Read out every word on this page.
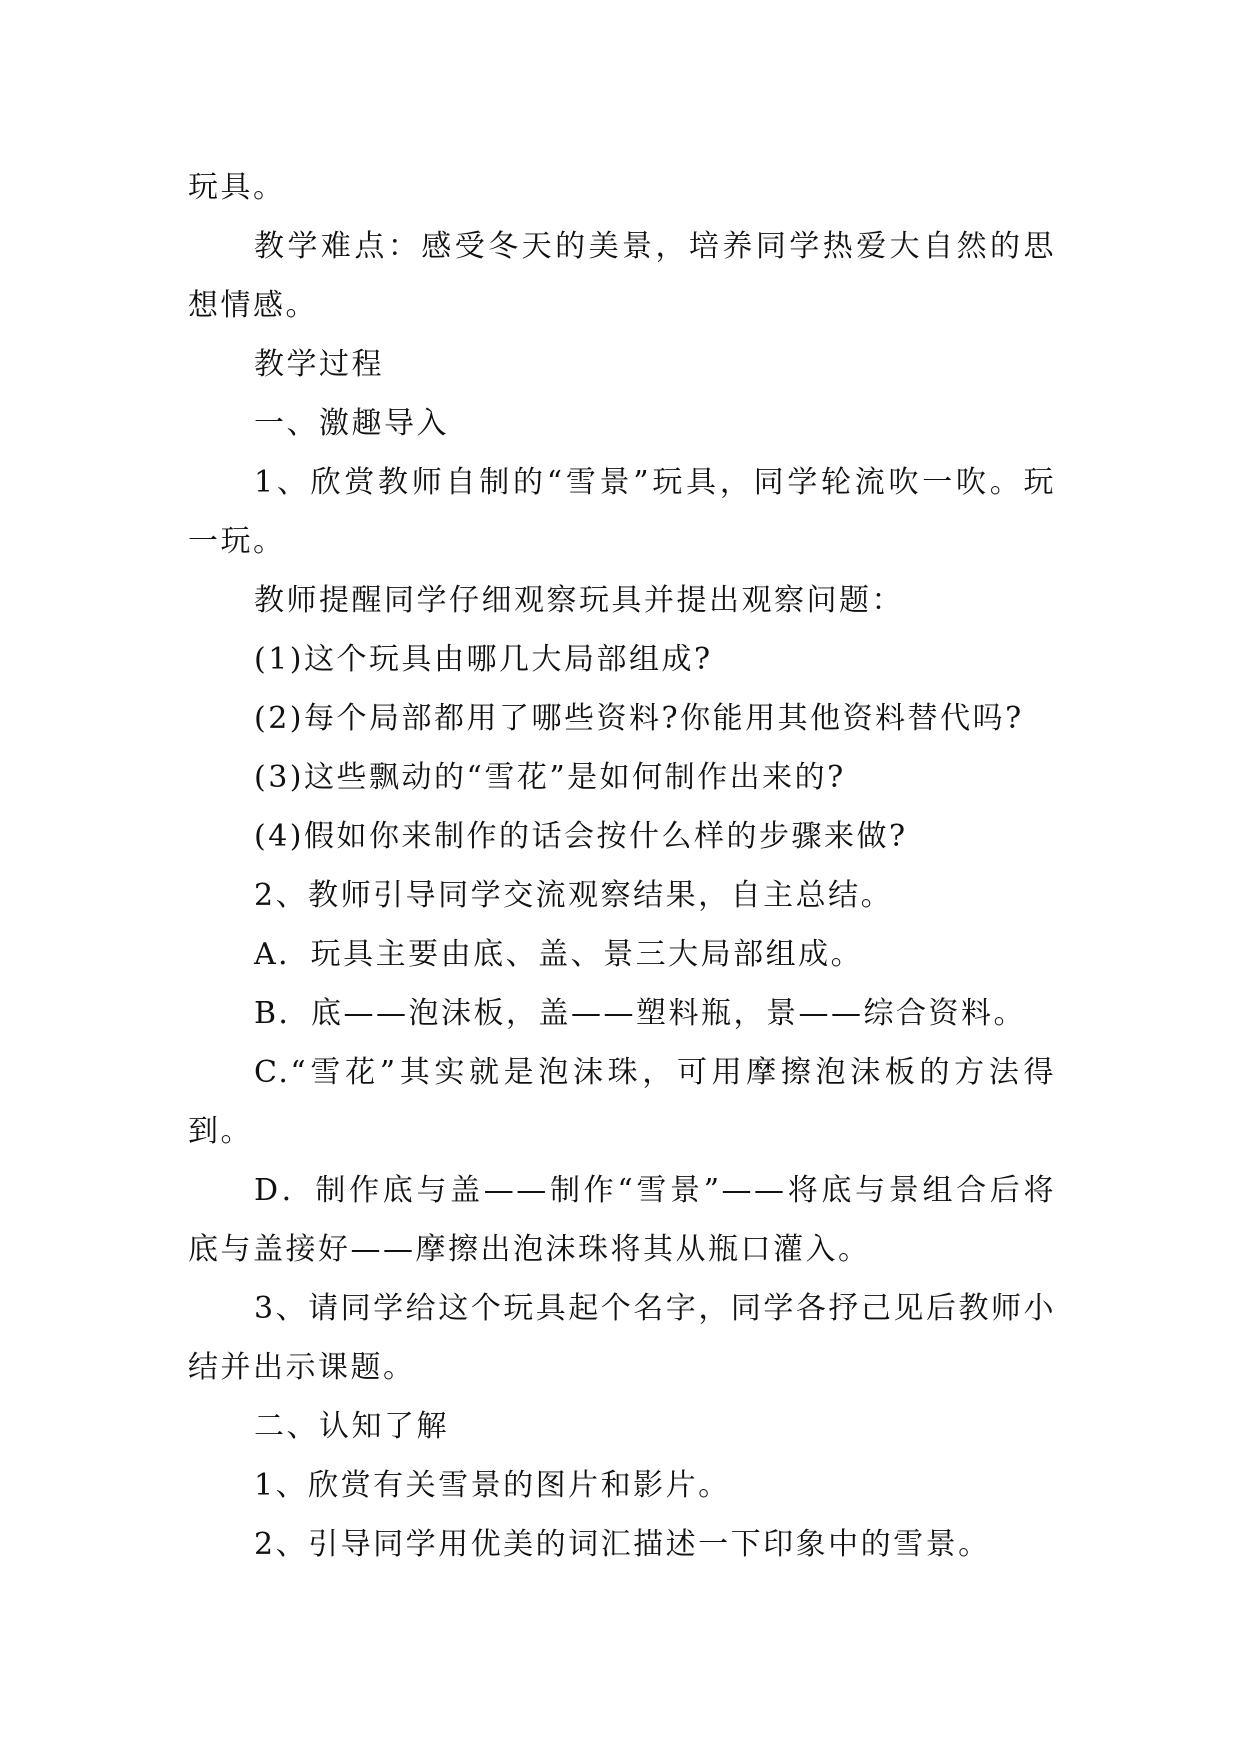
玩具。

教学难点：感受冬天的美景，培养同学热爱大自然的思想情感。

教学过程

一、激趣导入

1、欣赏教师自制的“雪景”玩具，同学轮流吹一吹。玩一玩。

教师提醒同学仔细观察玩具并提出观察问题：

(1)这个玩具由哪几大局部组成?

(2)每个局部都用了哪些资料?你能用其他资料替代吗?

(3)这些飘动的“雪花”是如何制作出来的?

(4)假如你来制作的话会按什么样的步骤来做?

2、教师引导同学交流观察结果，自主总结。

A．玩具主要由底、盖、景三大局部组成。

B．底——泡沫板，盖——塑料瓶，景——综合资料。

C.“雪花”其实就是泡沫珠，可用摩擦泡沫板的方法得到。

D．制作底与盖——制作“雪景”——将底与景组合后将底与盖接好——摩擦出泡沫珠将其从瓶口灌入。

3、请同学给这个玩具起个名字，同学各抒己见后教师小结并出示课题。

二、认知了解

1、欣赏有关雪景的图片和影片。

2、引导同学用优美的词汇描述一下印象中的雪景。
